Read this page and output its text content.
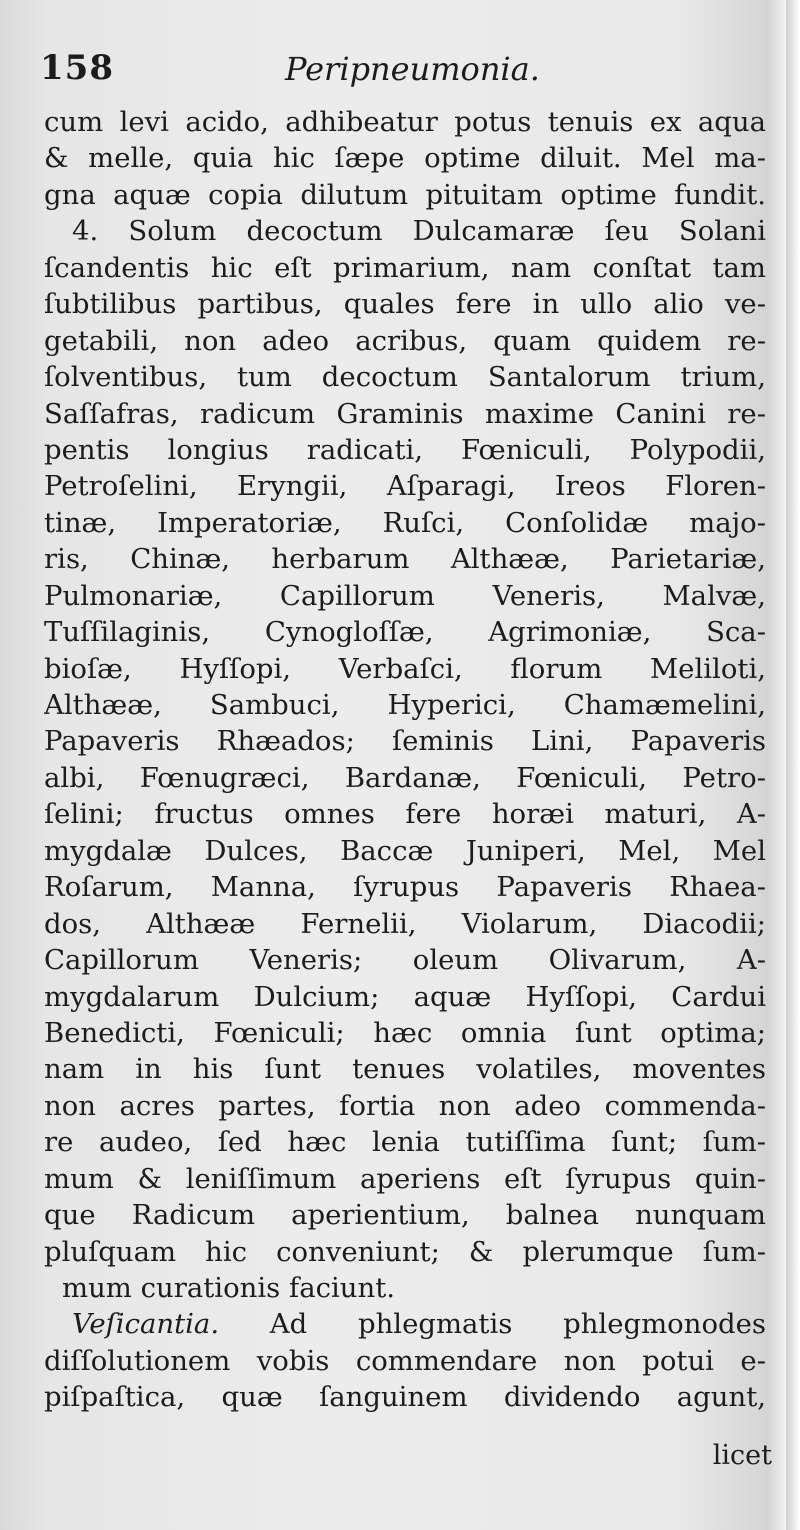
158	Peripneumonia.
cum levi acido, adhibeatur potus tenuis ex aqua
& melle, quia hic ſæpe optime diluit. Mel ma-
gna aquæ copia dilutum pituitam optime fundit.
4. Solum decoctum Dulcamaræ ſeu Solani
ſcandentis hic eſt primarium, nam conſtat tam
ſubtilibus partibus, quales fere in ullo alio ve-
getabili, non adeo acribus, quam quidem re-
ſolventibus, tum decoctum Santalorum trium,
Saſſafras, radicum Graminis maxime Canini re-
pentis longius radicati, Fœniculi, Polypodii,
Petroſelini, Eryngii, Aſparagi, Ireos Floren-
tinæ, Imperatoriæ, Ruſci, Conſolidæ majo-
ris, Chinæ, herbarum Althææ, Parietariæ,
Pulmonariæ, Capillorum Veneris, Malvæ,
Tuſſilaginis, Cynogloſſæ, Agrimoniæ, Sca-
bioſæ, Hyſſopi, Verbaſci, florum Meliloti,
Althææ, Sambuci, Hyperici, Chamæmelini,
Papaveris Rhæados; ſeminis Lini, Papaveris
albi, Fœnugræci, Bardanæ, Fœniculi, Petro-
ſelini; fructus omnes fere horæi maturi, A-
mygdalæ Dulces, Baccæ Juniperi, Mel, Mel
Roſarum, Manna, ſyrupus Papaveris Rhaea-
dos, Althææ Fernelii, Violarum, Diacodii;
Capillorum Veneris; oleum Olivarum, A-
mygdalarum Dulcium; aquæ Hyſſopi, Cardui
Benedicti, Fœniculi; hæc omnia ſunt optima;
nam in his ſunt tenues volatiles, moventes
non acres partes, fortia non adeo commenda-
re audeo, ſed hæc lenia tutiſſima ſunt; ſum-
mum & leniſſimum aperiens eſt ſyrupus quin-
que Radicum aperientium, balnea nunquam
pluſquam hic conveniunt; & plerumque ſum-
mum curationis faciunt.
Veſicantia. Ad phlegmatis phlegmonodes
diſſolutionem vobis commendare non potui e-
piſpaſtica, quæ ſanguinem dividendo agunt,
licet
